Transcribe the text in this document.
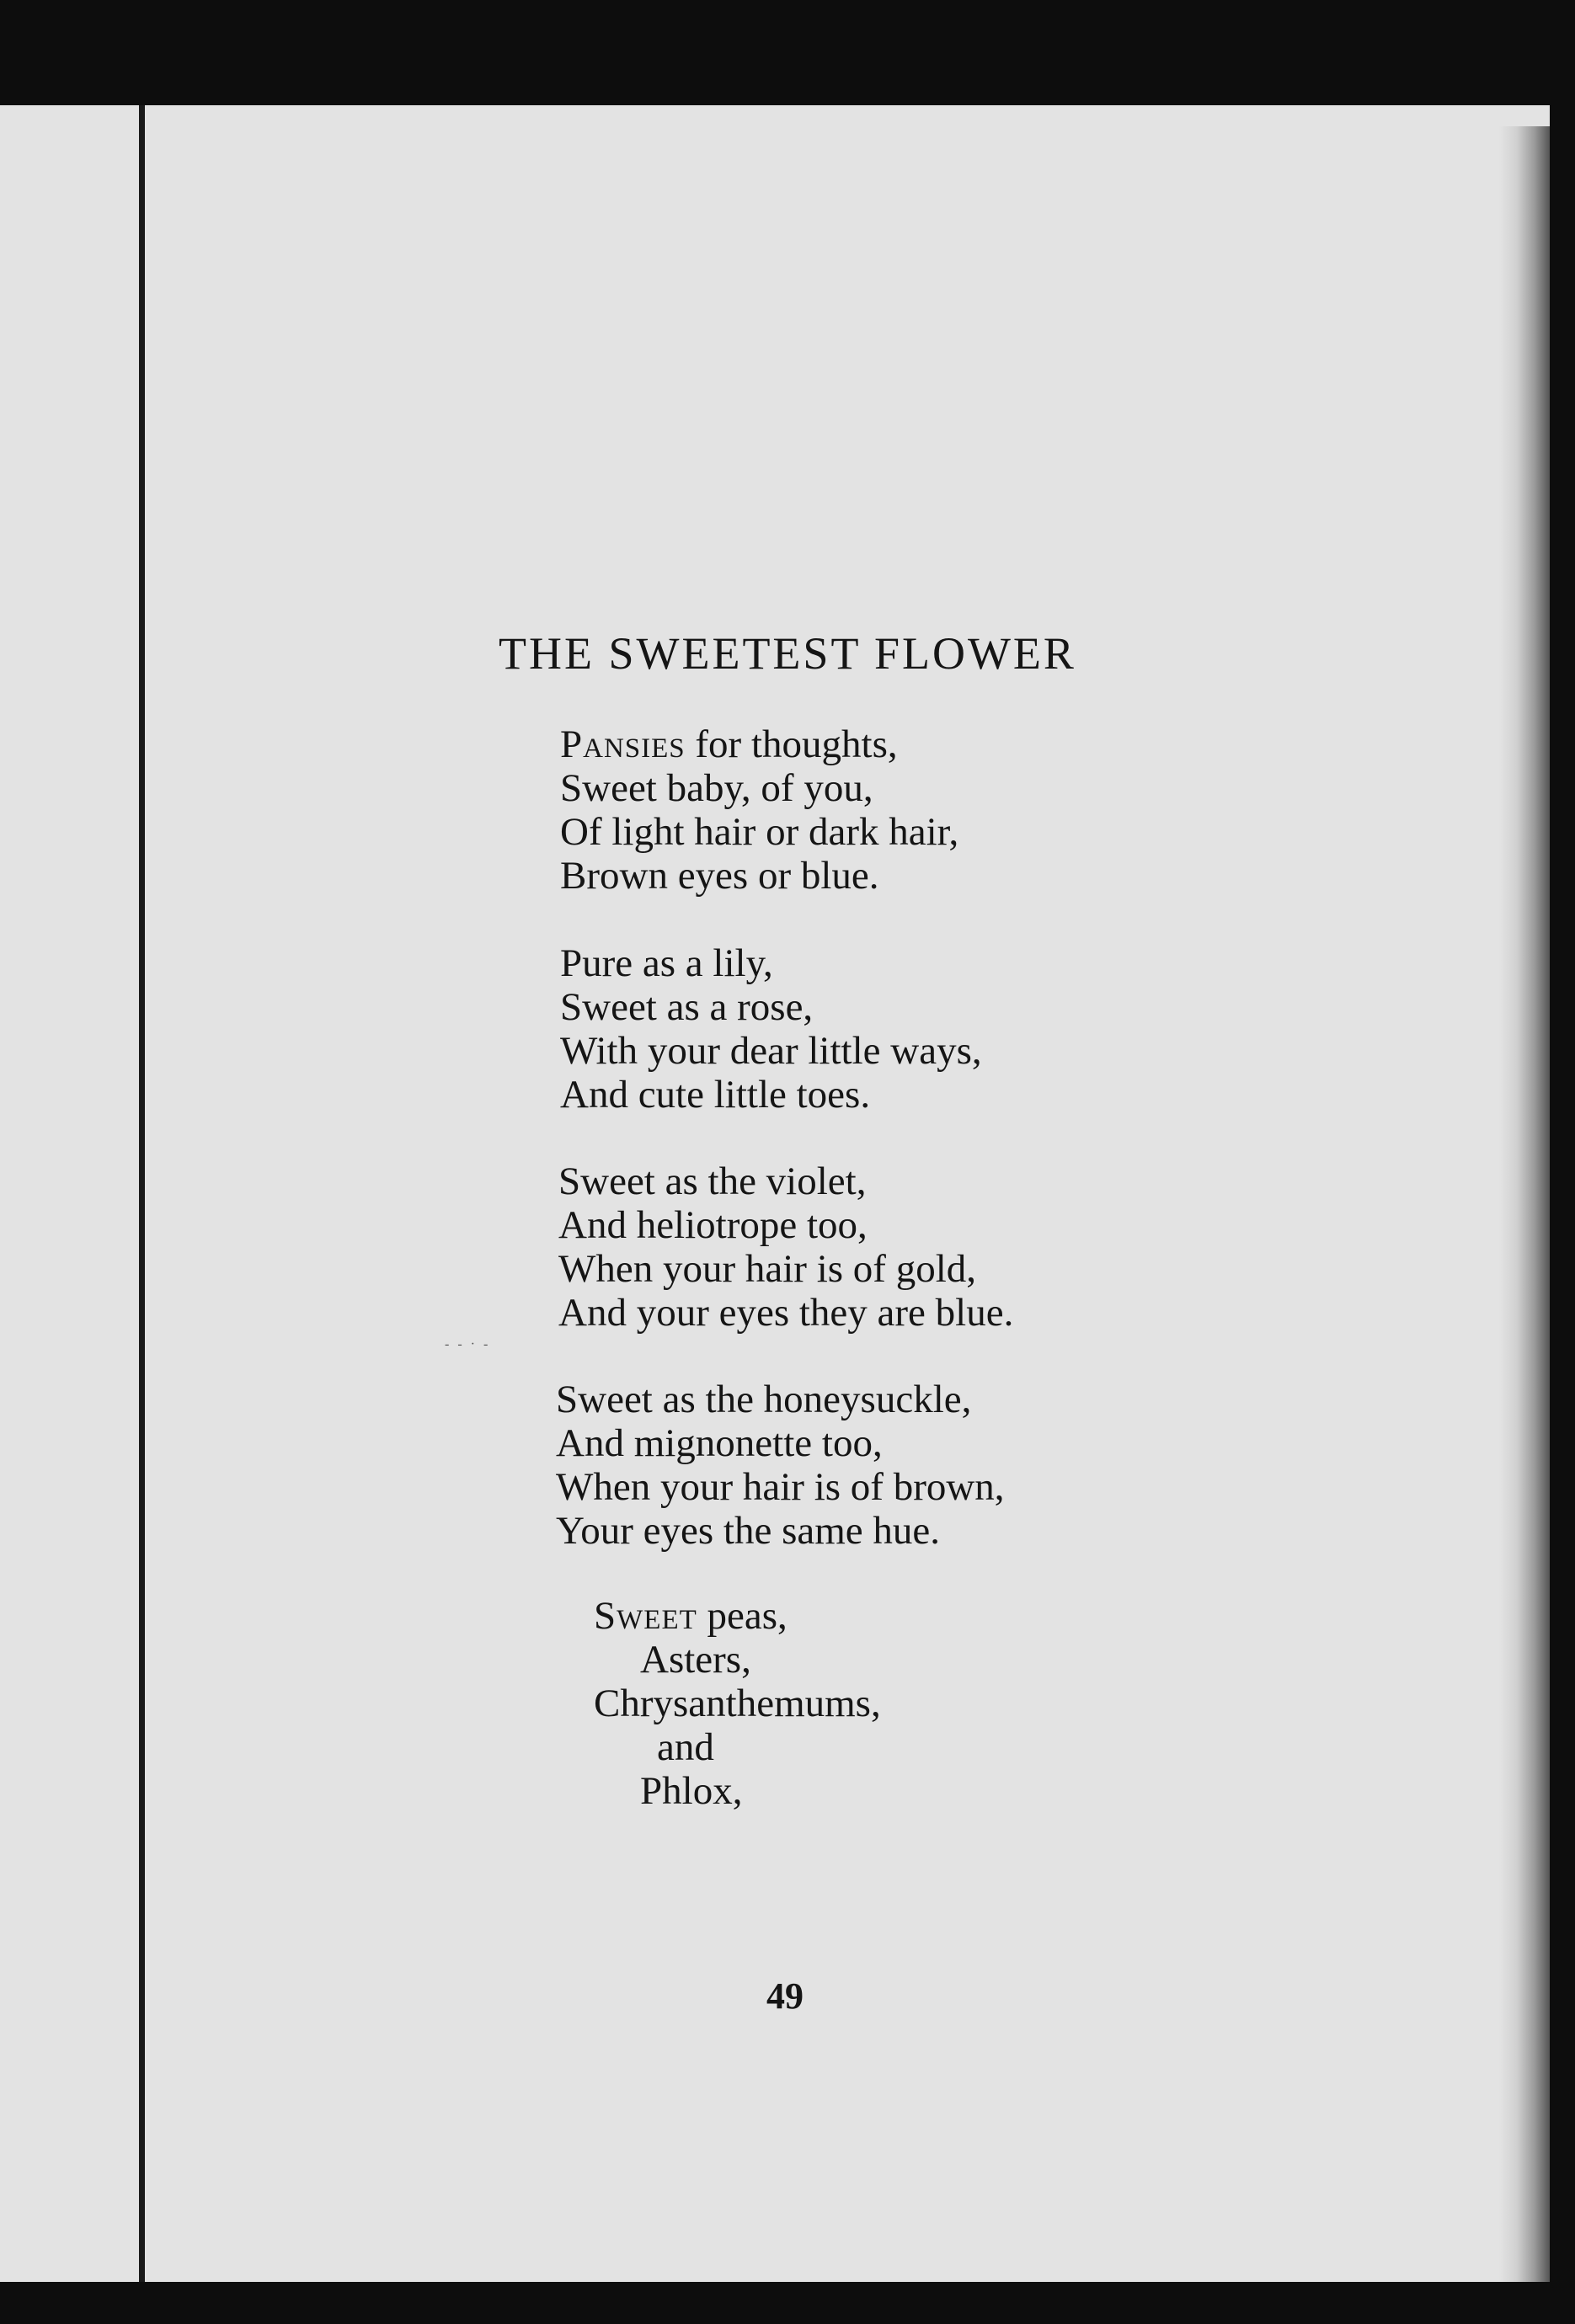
- - · -
THE SWEETEST FLOWER

Pansies for thoughts,
Sweet baby, of you,
Of light hair or dark hair,
Brown eyes or blue.

Pure as a lily,
Sweet as a rose,
With your dear little ways,
And cute little toes.

Sweet as the violet,
And heliotrope too,
When your hair is of gold,
And your eyes they are blue.

Sweet as the honeysuckle,
And mignonette too,
When your hair is of brown,
Your eyes the same hue.

Sweet peas,
Asters,
Chrysanthemums,
and
Phlox,

49
